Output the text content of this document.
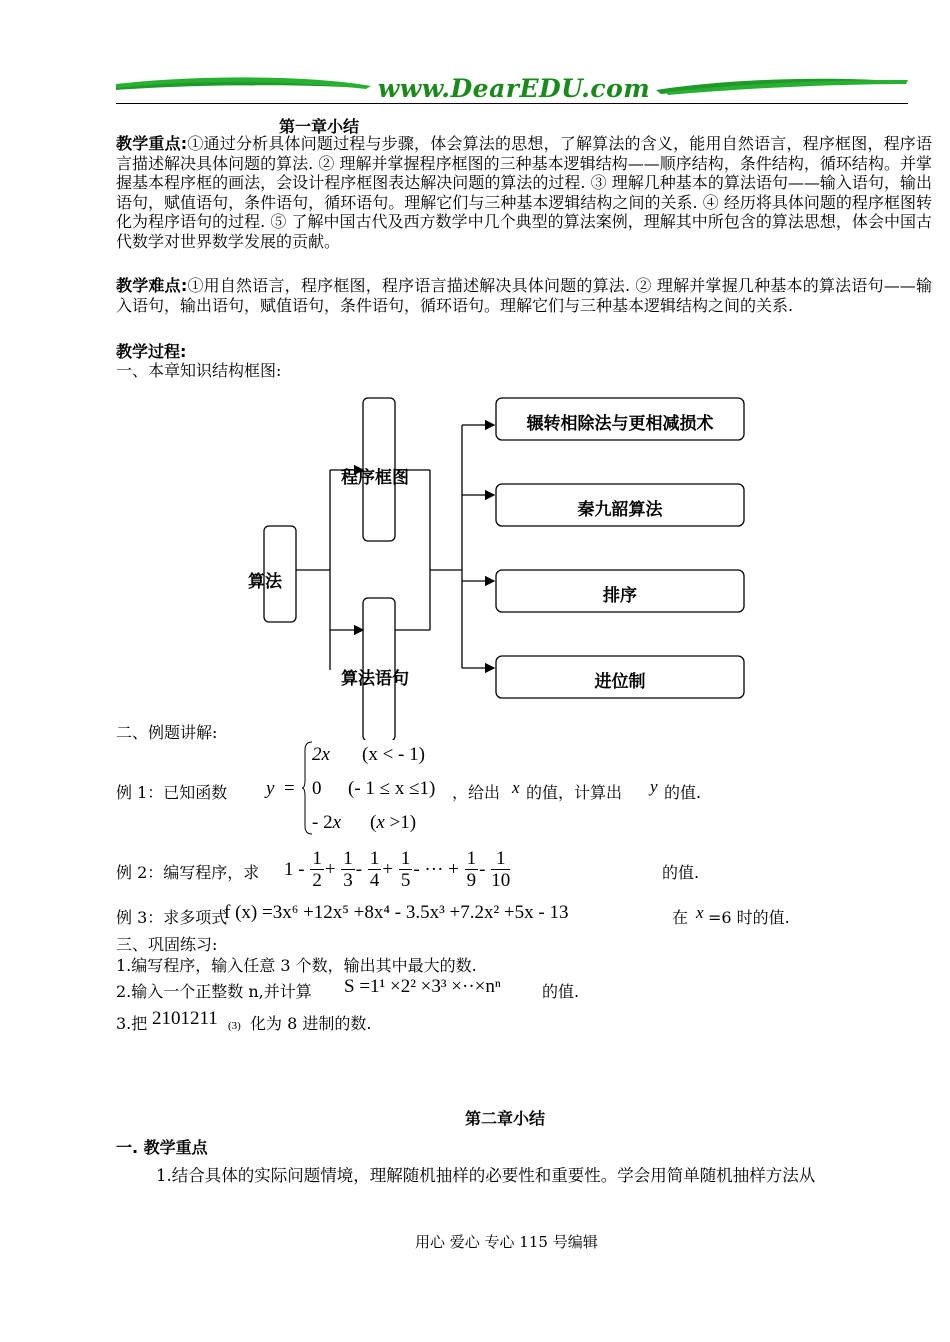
www.DearEDU.com
第一章小结
教学重点:①通过分析具体问题过程与步骤，体会算法的思想，了解算法的含义，能用自然语言，程序框图，程序语言描述解决具体问题的算法. ② 理解并掌握程序框图的三种基本逻辑结构——顺序结构，条件结构，循环结构。并掌握基本程序框的画法，会设计程序框图表达解决问题的算法的过程. ③ 理解几种基本的算法语句——输入语句，输出语句，赋值语句，条件语句，循环语句。理解它们与三种基本逻辑结构之间的关系. ④ 经历将具体问题的程序框图转化为程序语句的过程. ⑤ 了解中国古代及西方数学中几个典型的算法案例，理解其中所包含的算法思想，体会中国古代数学对世界数学发展的贡献。
教学难点:①用自然语言，程序框图，程序语言描述解决具体问题的算法. ② 理解并掌握几种基本的算法语句——输入语句，输出语句，赋值语句，条件语句，循环语句。理解它们与三种基本逻辑结构之间的关系.
教学过程:
一、本章知识结构框图:
算法
程序框图
算法语句
辗转相除法与更相减损术
秦九韶算法
排序
进位制
二、例题讲解:
例 1：已知函数 y =
2x (x < - 1)
0 (- 1 ≤ x ≤1)
- 2x (x >1)
，给出 x 的值，计算出 y 的值.
例 2：编写程序，求 $1 - \frac{1}{2} + \frac{1}{3} - \frac{1}{4} + \frac{1}{5}$ - ··· + $\frac{1}{9} - \frac{1}{10}$	的值.
例 3：求多项式
f (x) =3x⁶ +12x⁵ +8x⁴ - 3.5x³ +7.2x² +5x - 13	在 x =6 时的值.
三、巩固练习:
1.编写程序，输入任意 3 个数，输出其中最大的数.
2.输入一个正整数 n,并计算 S =1¹ ×2² ×3³ ×··×nⁿ	的值.
3.把 2101211 (3) 化为 8 进制的数.
第二章小结
一. 教学重点
1.结合具体的实际问题情境，理解随机抽样的必要性和重要性。学会用简单随机抽样方法从
用心 爱心 专心 115 号编辑
